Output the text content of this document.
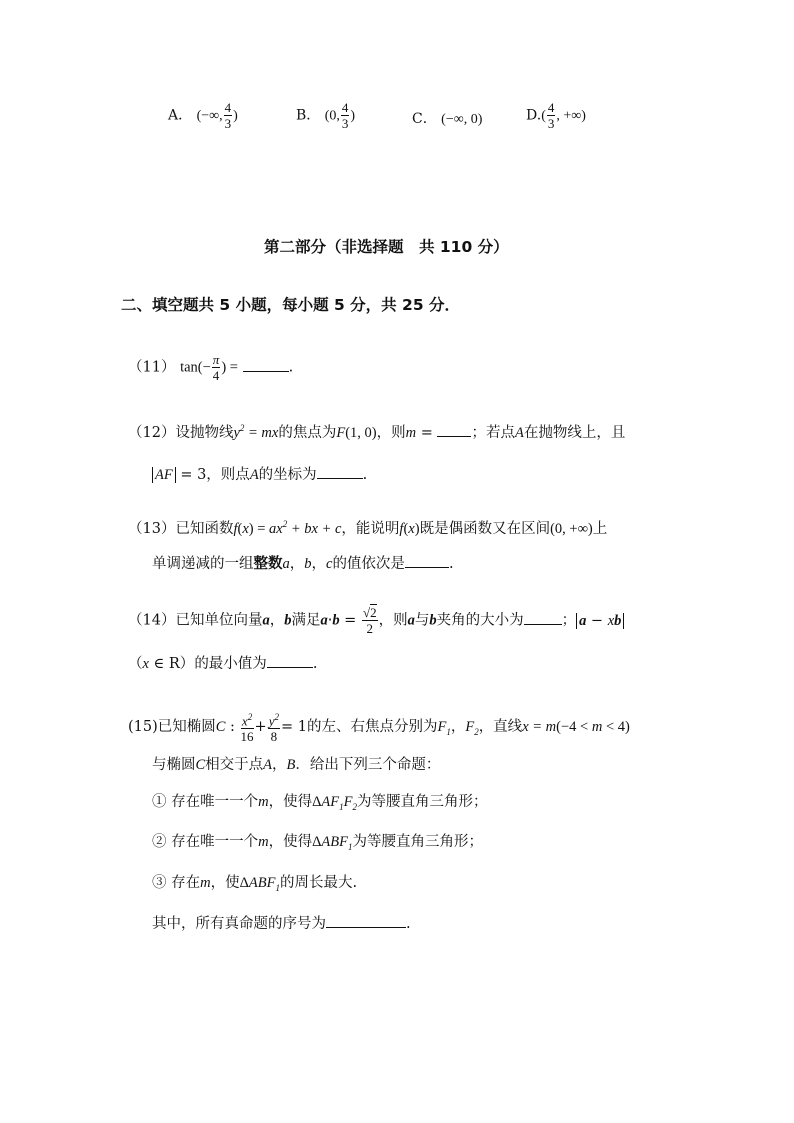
A． (−∞, $\frac{4}{3}$ )	B． (0, $\frac{4}{3}$ )	C． (−∞, 0)	$D.( \frac{4}{3}$ , +∞)
第二部分（非选择题　共 110 分）
二、填空题共 5 小题，每小题 5 分，共 25 分．
（11） $\tan(- \frac{\pi}{4}$ ) =	.
（12）设抛物线$y^2$ = mx的焦点为F(1, 0)，则m = ；若点A在抛物线上，且
AF = 3，则点A的坐标为	.
（13）已知函数$f(x) = ax^2$ + bx + c，能说明f(x)既是偶函数又在区间(0, +∞)上
单调递减的一组整数a，b，c的值依次是	.
（14）已知单位向量a，b满足$a\cdot b = \frac{√2}{2}$ ，则a与b夹角的大小为	； a − xb
（x ∈ R）的最小值为	.
(15)已知椭圆C : $\frac{x^2}{16} + \frac{y^2}{8} = 1$的左、右焦点分别为$F_1$，$F_2$，直线x = m(−4 < m < 4)
与椭圆C相交于点A，B．给出下列三个命题：
① 存在唯一一个m，使得$\Delta AF_1F_2$为等腰直角三角形；
② 存在唯一一个m，使得$\Delta ABF_1$为等腰直角三角形；
③ 存在m，使$\Delta ABF_1$的周长最大.
其中，所有真命题的序号为	.
